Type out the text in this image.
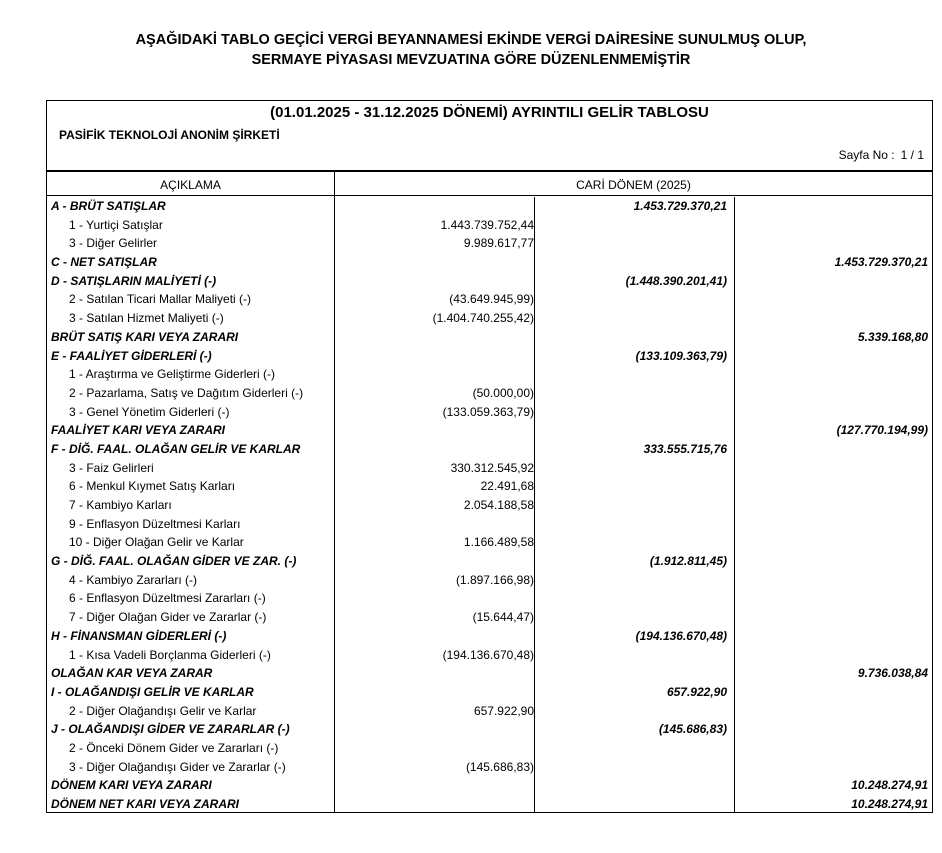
AŞAĞIDAKİ TABLO GEÇİCİ VERGİ BEYANNAMESİ EKİNDE VERGİ DAİRESİNE SUNULMUŞ OLUP,
SERMAYE PİYASASI MEVZUATINA GÖRE DÜZENLENMEMİŞTİR
(01.01.2025 - 31.12.2025 DÖNEMİ) AYRINTILI GELİR TABLOSU
PASİFİK TEKNOLOJİ ANONİM ŞİRKETİ
Sayfa No : 1 / 1
AÇIKLAMA	CARİ DÖNEM (2025)
A - BRÜT SATIŞLAR	1.453.729.370,21
1 - Yurtiçi Satışlar	1.443.739.752,44
3 - Diğer Gelirler	9.989.617,77
C - NET SATIŞLAR	1.453.729.370,21
D - SATIŞLARIN MALİYETİ (-)	(1.448.390.201,41)
2 - Satılan Ticari Mallar Maliyeti (-)	(43.649.945,99)
3 - Satılan Hizmet Maliyeti (-)	(1.404.740.255,42)
BRÜT SATIŞ KARI VEYA ZARARI	5.339.168,80
E - FAALİYET GİDERLERİ (-)	(133.109.363,79)
1 - Araştırma ve Geliştirme Giderleri (-)
2 - Pazarlama, Satış ve Dağıtım Giderleri (-)	(50.000,00)
3 - Genel Yönetim Giderleri (-)	(133.059.363,79)
FAALİYET KARI VEYA ZARARI	(127.770.194,99)
F - DİĞ. FAAL. OLAĞAN GELİR VE KARLAR	333.555.715,76
3 - Faiz Gelirleri	330.312.545,92
6 - Menkul Kıymet Satış Karları	22.491,68
7 - Kambiyo Karları	2.054.188,58
9 - Enflasyon Düzeltmesi Karları
10 - Diğer Olağan Gelir ve Karlar	1.166.489,58
G - DİĞ. FAAL. OLAĞAN GİDER VE ZAR. (-)	(1.912.811,45)
4 - Kambiyo Zararları (-)	(1.897.166,98)
6 - Enflasyon Düzeltmesi Zararları (-)
7 - Diğer Olağan Gider ve Zararlar (-)	(15.644,47)
H - FİNANSMAN GİDERLERİ (-)	(194.136.670,48)
1 - Kısa Vadeli Borçlanma Giderleri (-)	(194.136.670,48)
OLAĞAN KAR VEYA ZARAR	9.736.038,84
I - OLAĞANDIŞI GELİR VE KARLAR	657.922,90
2 - Diğer Olağandışı Gelir ve Karlar	657.922,90
J - OLAĞANDIŞI GİDER VE ZARARLAR (-)	(145.686,83)
2 - Önceki Dönem Gider ve Zararları (-)
3 - Diğer Olağandışı Gider ve Zararlar (-)	(145.686,83)
DÖNEM KARI VEYA ZARARI	10.248.274,91
DÖNEM NET KARI VEYA ZARARI	10.248.274,91
